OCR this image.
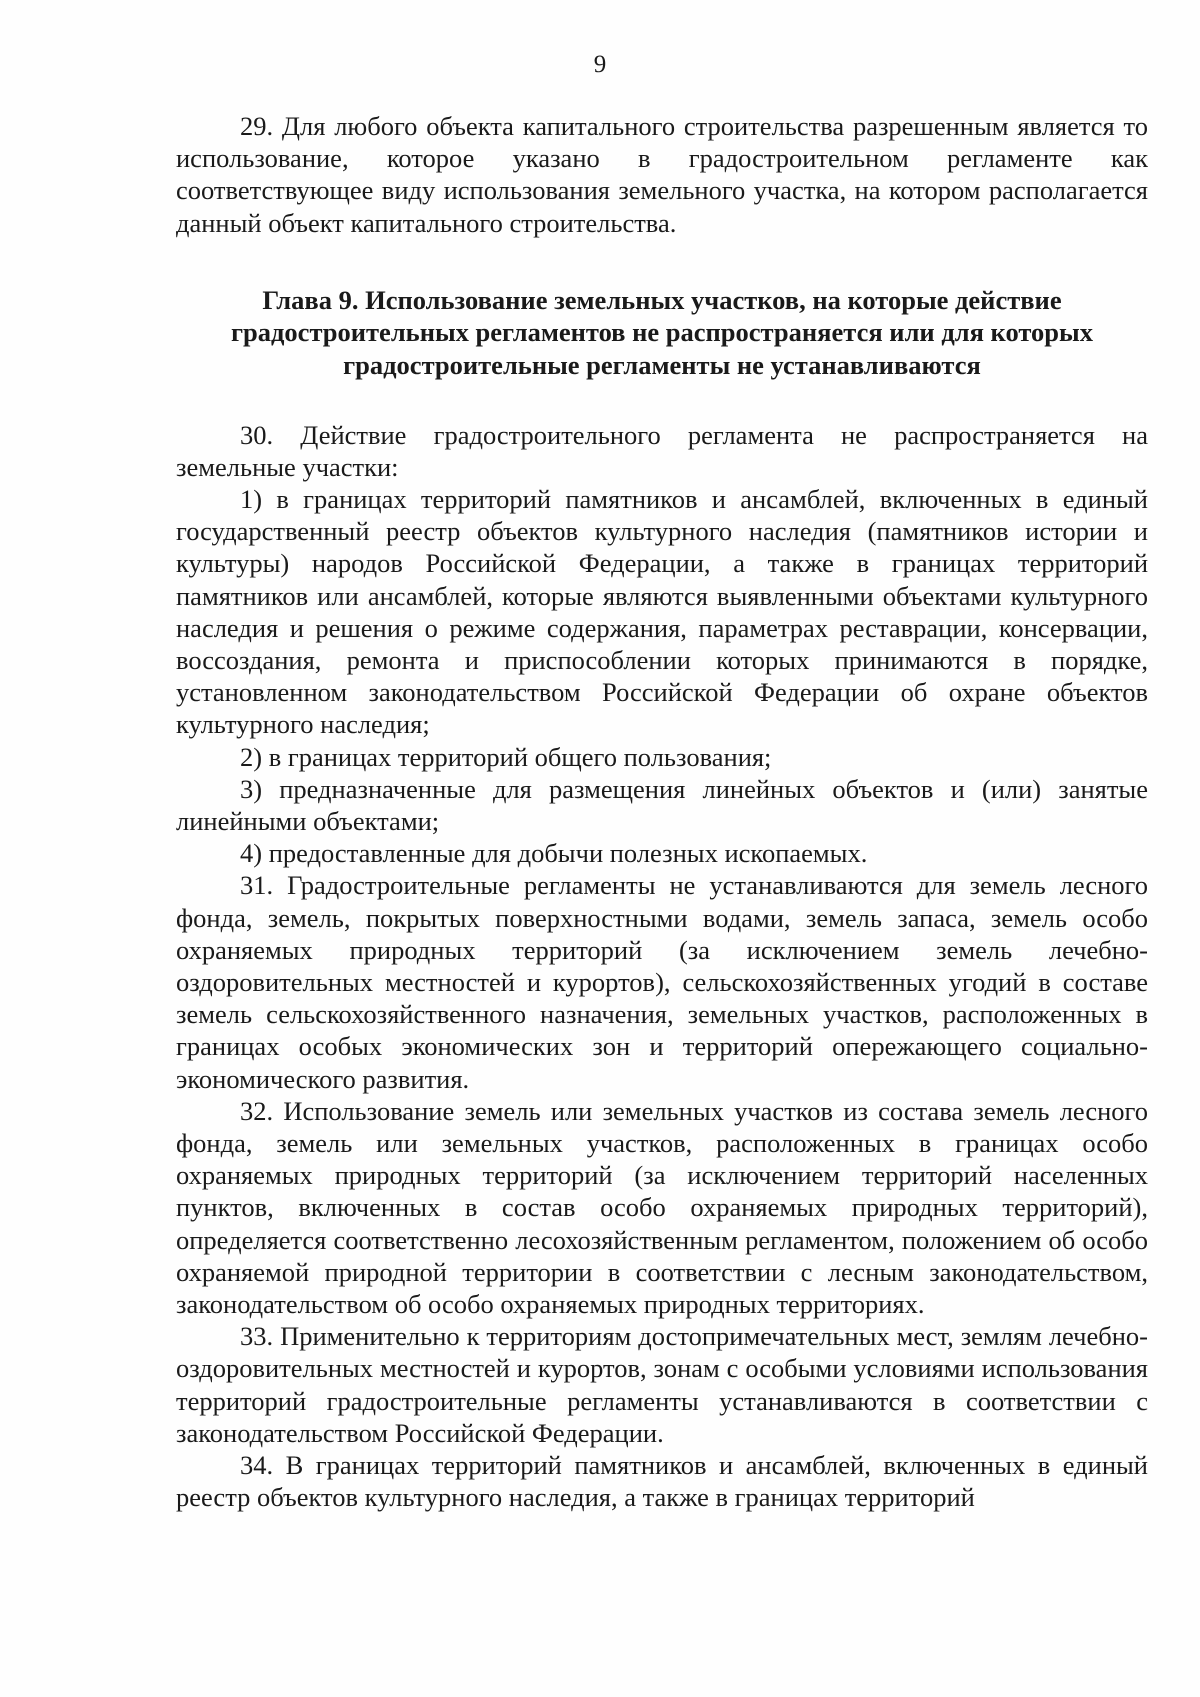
9

29. Для любого объекта капитального строительства разрешенным является то использование, которое указано в градостроительном регламенте как соответствующее виду использования земельного участка, на котором располагается данный объект капитального строительства.

Глава 9. Использование земельных участков, на которые действие градостроительных регламентов не распространяется или для которых градостроительные регламенты не устанавливаются

30. Действие градостроительного регламента не распространяется на земельные участки:

1) в границах территорий памятников и ансамблей, включенных в единый государственный реестр объектов культурного наследия (памятников истории и культуры) народов Российской Федерации, а также в границах территорий памятников или ансамблей, которые являются выявленными объектами культурного наследия и решения о режиме содержания, параметрах реставрации, консервации, воссоздания, ремонта и приспособлении которых принимаются в порядке, установленном законодательством Российской Федерации об охране объектов культурного наследия;

2) в границах территорий общего пользования;

3) предназначенные для размещения линейных объектов и (или) занятые линейными объектами;

4) предоставленные для добычи полезных ископаемых.

31. Градостроительные регламенты не устанавливаются для земель лесного фонда, земель, покрытых поверхностными водами, земель запаса, земель особо охраняемых природных территорий (за исключением земель лечебно-оздоровительных местностей и курортов), сельскохозяйственных угодий в составе земель сельскохозяйственного назначения, земельных участков, расположенных в границах особых экономических зон и территорий опережающего социально-экономического развития.

32. Использование земель или земельных участков из состава земель лесного фонда, земель или земельных участков, расположенных в границах особо охраняемых природных территорий (за исключением территорий населенных пунктов, включенных в состав особо охраняемых природных территорий), определяется соответственно лесохозяйственным регламентом, положением об особо охраняемой природной территории в соответствии с лесным законодательством, законодательством об особо охраняемых природных территориях.

33. Применительно к территориям достопримечательных мест, землям лечебно-оздоровительных местностей и курортов, зонам с особыми условиями использования территорий градостроительные регламенты устанавливаются в соответствии с законодательством Российской Федерации.

34. В границах территорий памятников и ансамблей, включенных в единый реестр объектов культурного наследия, а также в границах территорий
